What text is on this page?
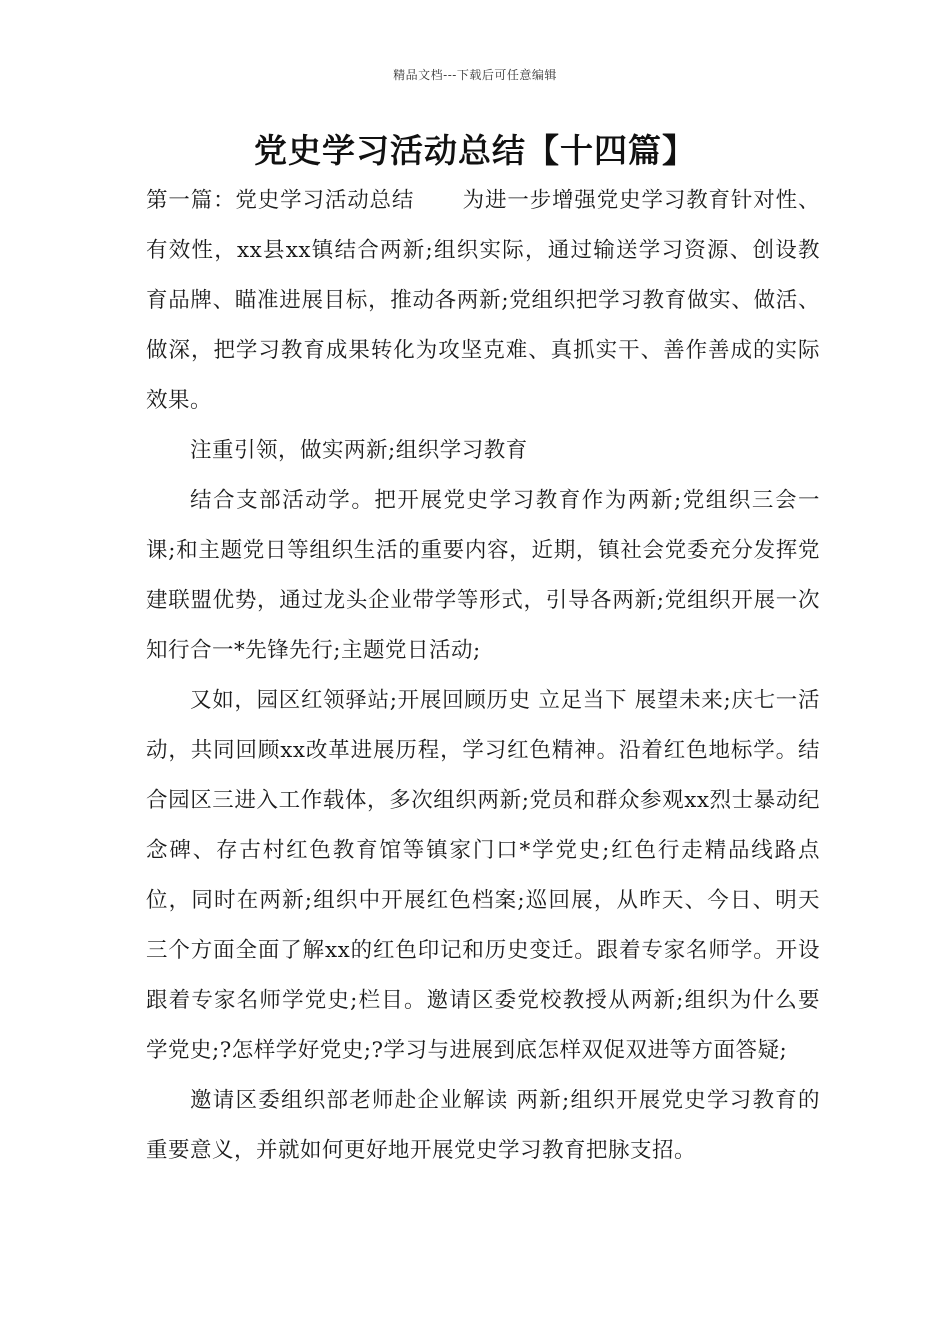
精品文档---下载后可任意编辑
党史学习活动总结【十四篇】

第一篇：党史学习活动总结 为进一步增强党史学习教育针对性、有效性，xx县xx镇结合两新;组织实际，通过输送学习资源、创设教育品牌、瞄准进展目标，推动各两新;党组织把学习教育做实、做活、做深，把学习教育成果转化为攻坚克难、真抓实干、善作善成的实际效果。

注重引领，做实两新;组织学习教育

结合支部活动学。把开展党史学习教育作为两新;党组织三会一课;和主题党日等组织生活的重要内容，近期，镇社会党委充分发挥党建联盟优势，通过龙头企业带学等形式，引导各两新;党组织开展一次知行合一*先锋先行;主题党日活动;

又如，园区红领驿站;开展回顾历史 立足当下 展望未来;庆七一活动，共同回顾xx改革进展历程，学习红色精神。沿着红色地标学。结合园区三进入工作载体，多次组织两新;党员和群众参观xx烈士暴动纪念碑、存古村红色教育馆等镇家门口*学党史;红色行走精品线路点位，同时在两新;组织中开展红色档案;巡回展，从昨天、今日、明天三个方面全面了解xx的红色印记和历史变迁。跟着专家名师学。开设跟着专家名师学党史;栏目。邀请区委党校教授从两新;组织为什么要学党史;?怎样学好党史;?学习与进展到底怎样双促双进等方面答疑;

邀请区委组织部老师赴企业解读 两新;组织开展党史学习教育的重要意义，并就如何更好地开展党史学习教育把脉支招。
